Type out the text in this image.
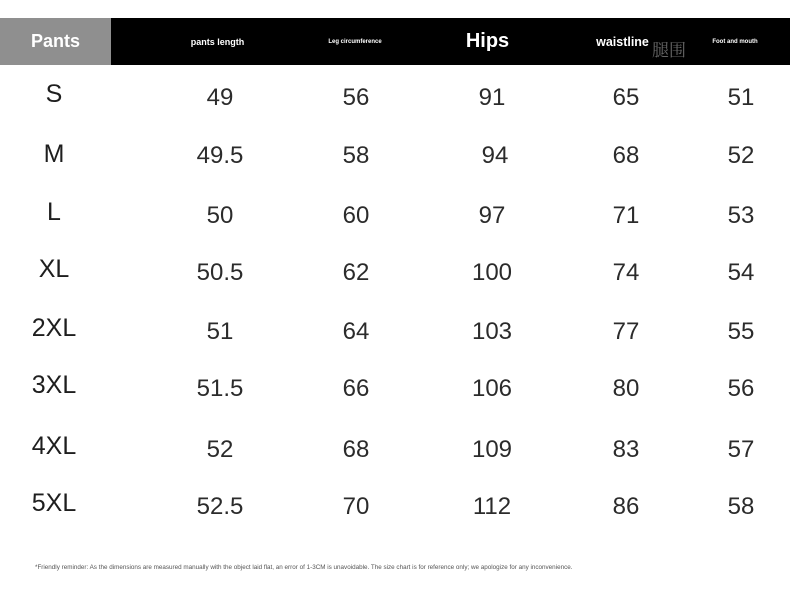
Pants	pants length	Leg circumference	Hips	waistline	Foot and mouth
腿围
S	49	56	91	65	51
M	49.5	58	94	68	52
L	50	60	97	71	53
XL	50.5	62	100	74	54
2XL	51	64	103	77	55
3XL	51.5	66	106	80	56
4XL	52	68	109	83	57
5XL	52.5	70	112	86	58
*Friendly reminder: As the dimensions are measured manually with the object laid flat, an error of 1-3CM is unavoidable. The size chart is for reference only; we apologize for any inconvenience.
